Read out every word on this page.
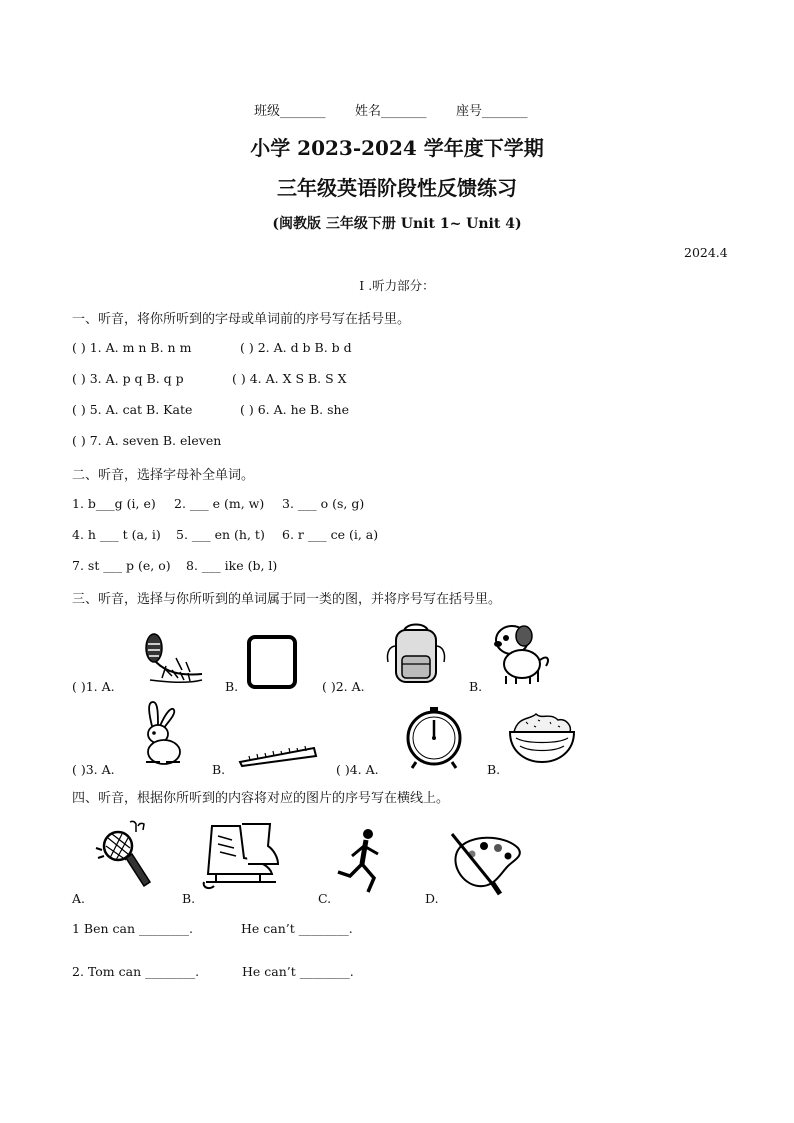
班级_______ 姓名_______ 座号_______
小学 2023-2024 学年度下学期
三年级英语阶段性反馈练习
(闽教版 三年级下册 Unit 1~ Unit 4)
2024.4
I .听力部分：
一、听音，将你所听到的字母或单词前的序号写在括号里。
( ) 1. A. m n B. n m	( ) 2. A. d b B. b d
( ) 3. A. p q B. q p	( ) 4. A. X S B. S X
( ) 5. A. cat B. Kate	( ) 6. A. he B. she
( ) 7. A. seven B. eleven
二、听音，选择字母补全单词。
1. b___g (i, e) 2. ___ e (m, w) 3. ___ o (s, g)
4. h ___ t (a, i) 5. ___ en (h, t) 6. r ___ ce (i, a)
7. st ___ p (e, o) 8. ___ ike (b, l)
三、听音，选择与你所听到的单词属于同一类的图，并将序号写在括号里。
( )1. A.	B.	( )2. A.	B.
( )3. A.	B.	( )4. A.	B.
四、听音，根据你所听到的内容将对应的图片的序号写在横线上。
A.	B.	C.	D.
1 Ben can ________.	He can’t ________.
2. Tom can ________.	He can’t ________.
